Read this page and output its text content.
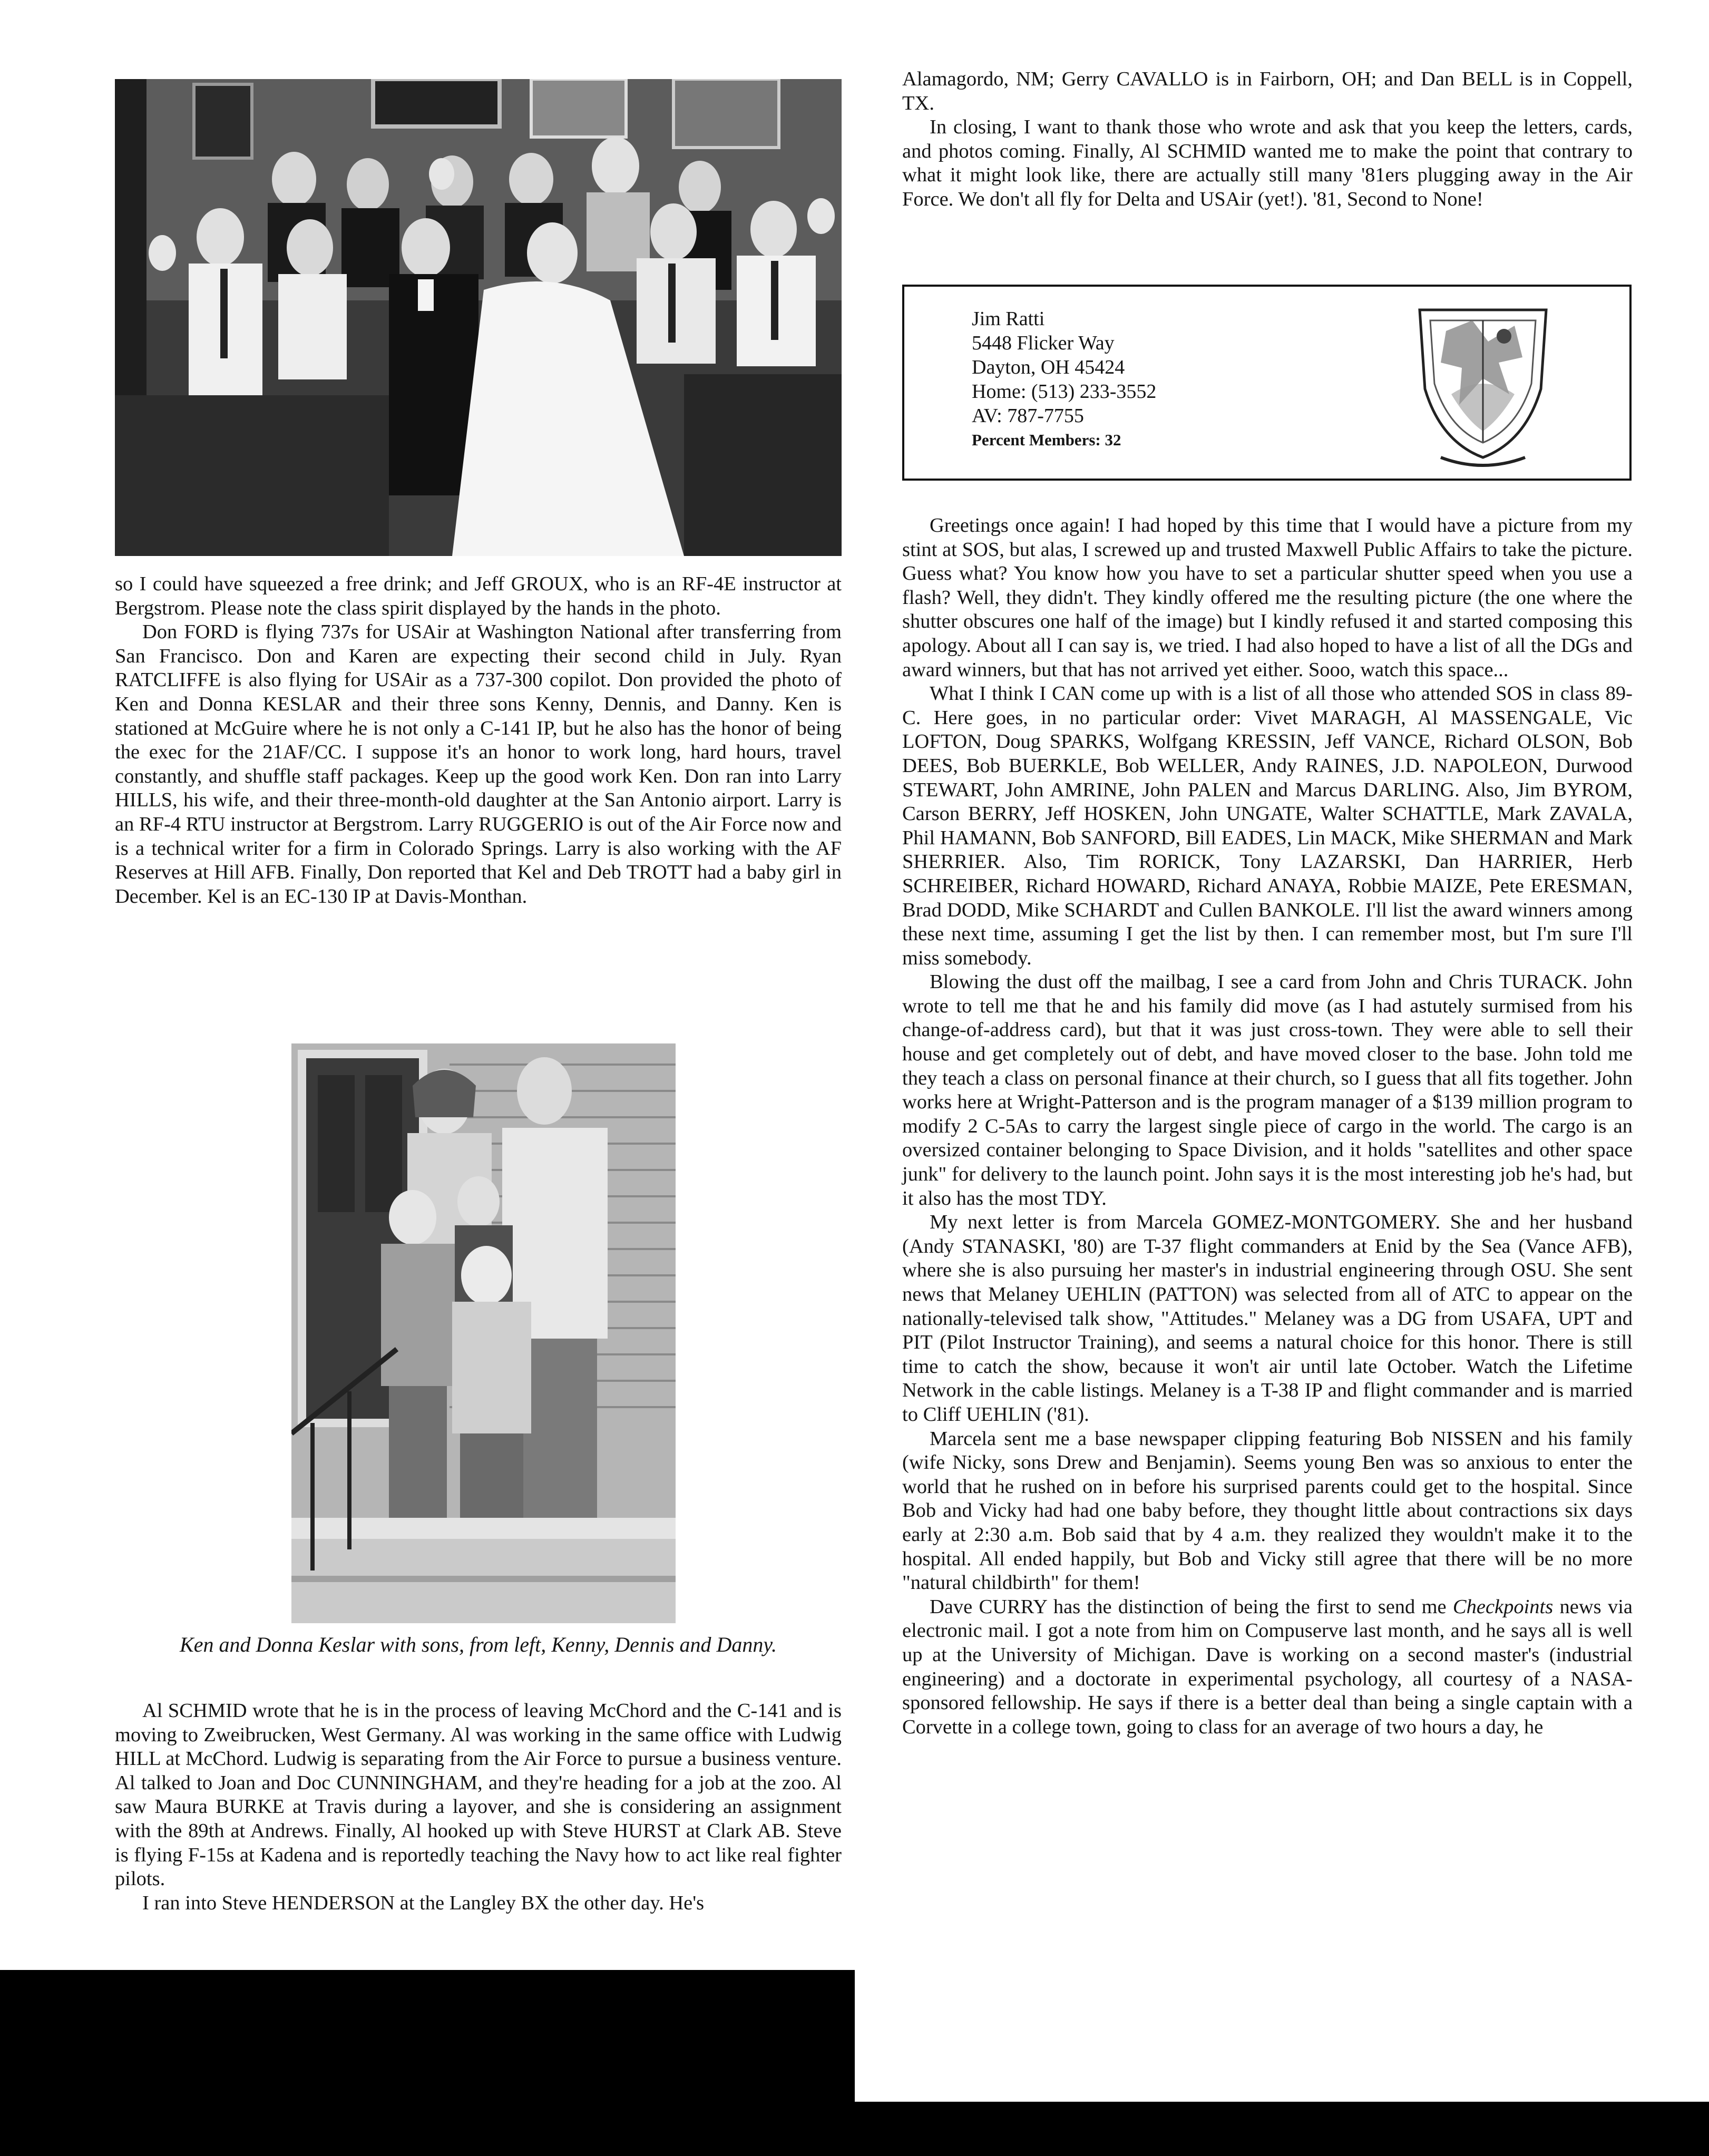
so I could have squeezed a free drink; and Jeff GROUX, who is an RF-4E instructor at Bergstrom. Please note the class spirit displayed by the hands in the photo.

Don FORD is flying 737s for USAir at Washington National after transferring from San Francisco. Don and Karen are expecting their second child in July. Ryan RATCLIFFE is also flying for USAir as a 737-300 copilot. Don provided the photo of Ken and Donna KESLAR and their three sons Kenny, Dennis, and Danny. Ken is stationed at McGuire where he is not only a C-141 IP, but he also has the honor of being the exec for the 21AF/CC. I suppose it's an honor to work long, hard hours, travel constantly, and shuffle staff packages. Keep up the good work Ken. Don ran into Larry HILLS, his wife, and their three-month-old daughter at the San Antonio airport. Larry is an RF-4 RTU instructor at Bergstrom. Larry RUGGERIO is out of the Air Force now and is a technical writer for a firm in Colorado Springs. Larry is also working with the AF Reserves at Hill AFB. Finally, Don reported that Kel and Deb TROTT had a baby girl in December. Kel is an EC-130 IP at Davis-Monthan.

Ken and Donna Keslar with sons, from left, Kenny, Dennis and Danny.

Al SCHMID wrote that he is in the process of leaving McChord and the C-141 and is moving to Zweibrucken, West Germany. Al was working in the same office with Ludwig HILL at McChord. Ludwig is separating from the Air Force to pursue a business venture. Al talked to Joan and Doc CUNNINGHAM, and they're heading for a job at the zoo. Al saw Maura BURKE at Travis during a layover, and she is considering an assignment with the 89th at Andrews. Finally, Al hooked up with Steve HURST at Clark AB. Steve is flying F-15s at Kadena and is reportedly teaching the Navy how to act like real fighter pilots.

I ran into Steve HENDERSON at the Langley BX the other day. He's

Alamagordo, NM; Gerry CAVALLO is in Fairborn, OH; and Dan BELL is in Coppell, TX.

In closing, I want to thank those who wrote and ask that you keep the letters, cards, and photos coming. Finally, Al SCHMID wanted me to make the point that contrary to what it might look like, there are actually still many '81ers plugging away in the Air Force. We don't all fly for Delta and USAir (yet!). '81, Second to None!

Jim Ratti
5448 Flicker Way
Dayton, OH 45424
Home: (513) 233-3552
AV: 787-7755
Percent Members: 32

Greetings once again! I had hoped by this time that I would have a picture from my stint at SOS, but alas, I screwed up and trusted Maxwell Public Affairs to take the picture. Guess what? You know how you have to set a particular shutter speed when you use a flash? Well, they didn't. They kindly offered me the resulting picture (the one where the shutter obscures one half of the image) but I kindly refused it and started composing this apology. About all I can say is, we tried. I had also hoped to have a list of all the DGs and award winners, but that has not arrived yet either. Sooo, watch this space...

What I think I CAN come up with is a list of all those who attended SOS in class 89-C. Here goes, in no particular order: Vivet MARAGH, Al MASSENGALE, Vic LOFTON, Doug SPARKS, Wolfgang KRESSIN, Jeff VANCE, Richard OLSON, Bob DEES, Bob BUERKLE, Bob WELLER, Andy RAINES, J.D. NAPOLEON, Durwood STEWART, John AMRINE, John PALEN and Marcus DARLING. Also, Jim BYROM, Carson BERRY, Jeff HOSKEN, John UNGATE, Walter SCHATTLE, Mark ZAVALA, Phil HAMANN, Bob SANFORD, Bill EADES, Lin MACK, Mike SHERMAN and Mark SHERRIER. Also, Tim RORICK, Tony LAZARSKI, Dan HARRIER, Herb SCHREIBER, Richard HOWARD, Richard ANAYA, Robbie MAIZE, Pete ERESMAN, Brad DODD, Mike SCHARDT and Cullen BANKOLE. I'll list the award winners among these next time, assuming I get the list by then. I can remember most, but I'm sure I'll miss somebody.

Blowing the dust off the mailbag, I see a card from John and Chris TURACK. John wrote to tell me that he and his family did move (as I had astutely surmised from his change-of-address card), but that it was just cross-town. They were able to sell their house and get completely out of debt, and have moved closer to the base. John told me they teach a class on personal finance at their church, so I guess that all fits together. John works here at Wright-Patterson and is the program manager of a $139 million program to modify 2 C-5As to carry the largest single piece of cargo in the world. The cargo is an oversized container belonging to Space Division, and it holds "satellites and other space junk" for delivery to the launch point. John says it is the most interesting job he's had, but it also has the most TDY.

My next letter is from Marcela GOMEZ-MONTGOMERY. She and her husband (Andy STANASKI, '80) are T-37 flight commanders at Enid by the Sea (Vance AFB), where she is also pursuing her master's in industrial engineering through OSU. She sent news that Melaney UEHLIN (PATTON) was selected from all of ATC to appear on the nationally-televised talk show, "Attitudes." Melaney was a DG from USAFA, UPT and PIT (Pilot Instructor Training), and seems a natural choice for this honor. There is still time to catch the show, because it won't air until late October. Watch the Lifetime Network in the cable listings. Melaney is a T-38 IP and flight commander and is married to Cliff UEHLIN ('81).

Marcela sent me a base newspaper clipping featuring Bob NISSEN and his family (wife Nicky, sons Drew and Benjamin). Seems young Ben was so anxious to enter the world that he rushed on in before his surprised parents could get to the hospital. Since Bob and Vicky had had one baby before, they thought little about contractions six days early at 2:30 a.m. Bob said that by 4 a.m. they realized they wouldn't make it to the hospital. All ended happily, but Bob and Vicky still agree that there will be no more "natural childbirth" for them!

Dave CURRY has the distinction of being the first to send me Checkpoints news via electronic mail. I got a note from him on Compuserve last month, and he says all is well up at the University of Michigan. Dave is working on a second master's (industrial engineering) and a doctorate in experimental psychology, all courtesy of a NASA-sponsored fellowship. He says if there is a better deal than being a single captain with a Corvette in a college town, going to class for an average of two hours a day, he
